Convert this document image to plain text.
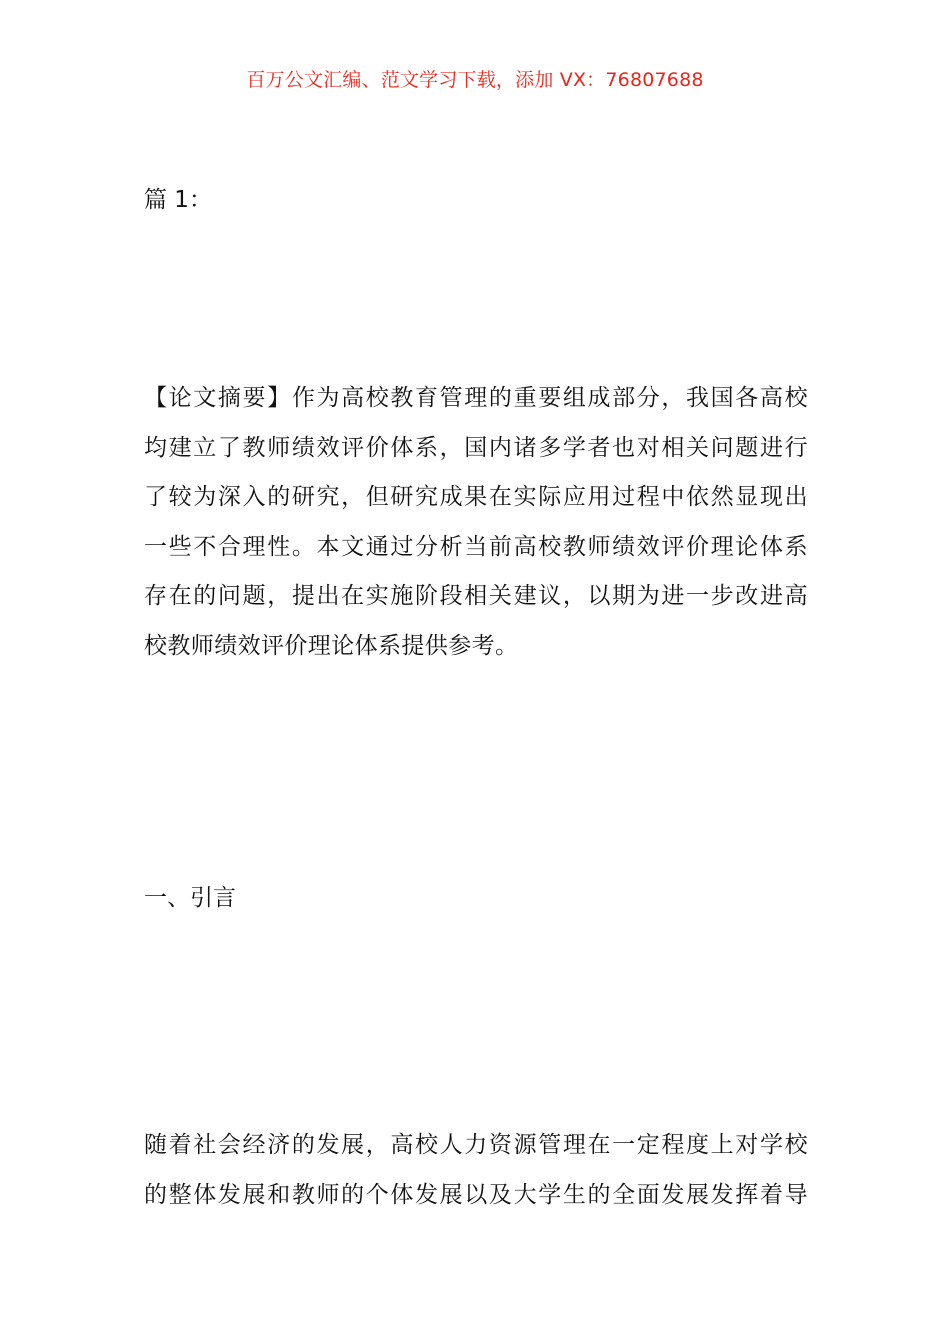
百万公文汇编、范文学习下载，添加 VX：76807688
篇 1：
【论文摘要】作为高校教育管理的重要组成部分，我国各高校
均建立了教师绩效评价体系，国内诸多学者也对相关问题进行
了较为深入的研究，但研究成果在实际应用过程中依然显现出
一些不合理性。本文通过分析当前高校教师绩效评价理论体系
存在的问题，提出在实施阶段相关建议，以期为进一步改进高
校教师绩效评价理论体系提供参考。
一、引言
随着社会经济的发展，高校人力资源管理在一定程度上对学校
的整体发展和教师的个体发展以及大学生的全面发展发挥着导
